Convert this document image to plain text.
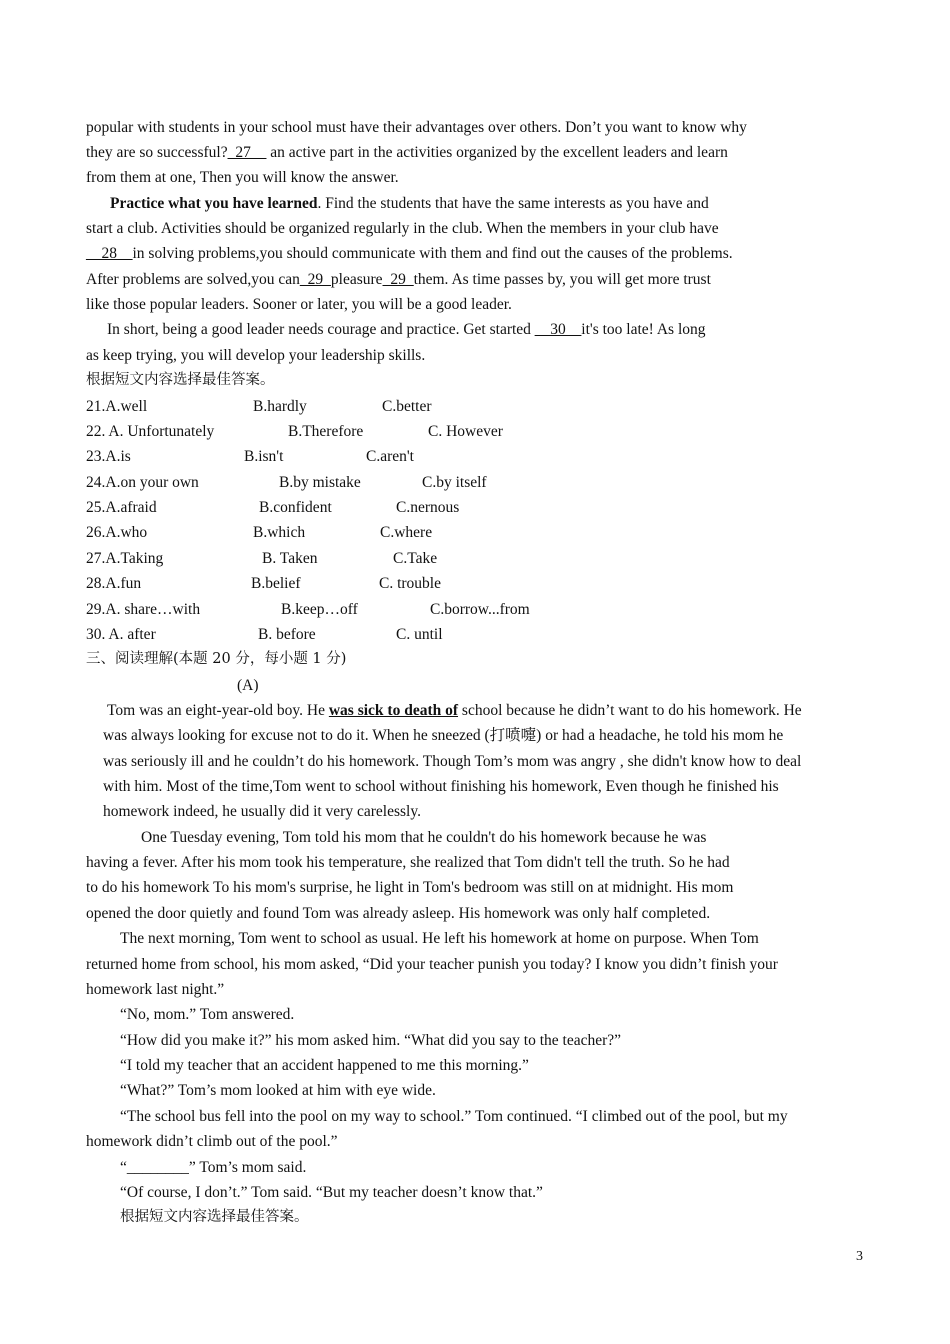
popular with students in your school must have their advantages over others. Don’t you want to know why
they are so successful?_27__ an active part in the activities organized by the excellent leaders and learn
from them at one, Then you will know the answer.
Practice what you have learned. Find the students that have the same interests as you have and
start a club. Activities should be organized regularly in the club. When the members in your club have
__28__in solving problems,you should communicate with them and find out the causes of the problems.
After problems are solved,you can_29_pleasure_29_them. As time passes by, you will get more trust
like those popular leaders. Sooner or later, you will be a good leader.
In short, being a good leader needs courage and practice. Get started __30__it's too late! As long
as keep trying, you will develop your leadership skills.
根据短文内容选择最佳答案。
21.A.well	B.hardly	C.better
22. A. Unfortunately	B.Therefore	C. However
23.A.is	B.isn't	C.aren't
24.A.on your own	B.by mistake	C.by itself
25.A.afraid	B.confident	C.nernous
26.A.who	B.which	C.where
27.A.Taking	B. Taken	C.Take
28.A.fun	B.belief	C. trouble
29.A. share…with	B.keep…off	C.borrow...from
30. A. after	B. before	C. until
三、阅读理解(本题 20 分，每小题 1 分)
(A)
Tom was an eight-year-old boy. He was sick to death of school because he didn’t want to do his homework. He
was always looking for excuse not to do it. When he sneezed (打喷嚏) or had a headache, he told his mom he
was seriously ill and he couldn’t do his homework. Though Tom’s mom was angry , she didn't know how to deal
with him. Most of the time,Tom went to school without finishing his homework, Even though he finished his
homework indeed, he usually did it very carelessly.
One Tuesday evening, Tom told his mom that he couldn't do his homework because he was
having a fever. After his mom took his temperature, she realized that Tom didn't tell the truth. So he had
to do his homework To his mom's surprise, he light in Tom's bedroom was still on at midnight. His mom
opened the door quietly and found Tom was already asleep. His homework was only half completed.
The next morning, Tom went to school as usual. He left his homework at home on purpose. When Tom
returned home from school, his mom asked, “Did your teacher punish you today? I know you didn’t finish your
homework last night.”
“No, mom.” Tom answered.
“How did you make it?” his mom asked him. “What did you say to the teacher?”
“I told my teacher that an accident happened to me this morning.”
“What?” Tom’s mom looked at him with eye wide.
“The school bus fell into the pool on my way to school.” Tom continued. “I climbed out of the pool, but my
homework didn’t climb out of the pool.”
“________” Tom’s mom said.
“Of course, I don’t.” Tom said. “But my teacher doesn’t know that.”
根据短文内容选择最佳答案。
3
